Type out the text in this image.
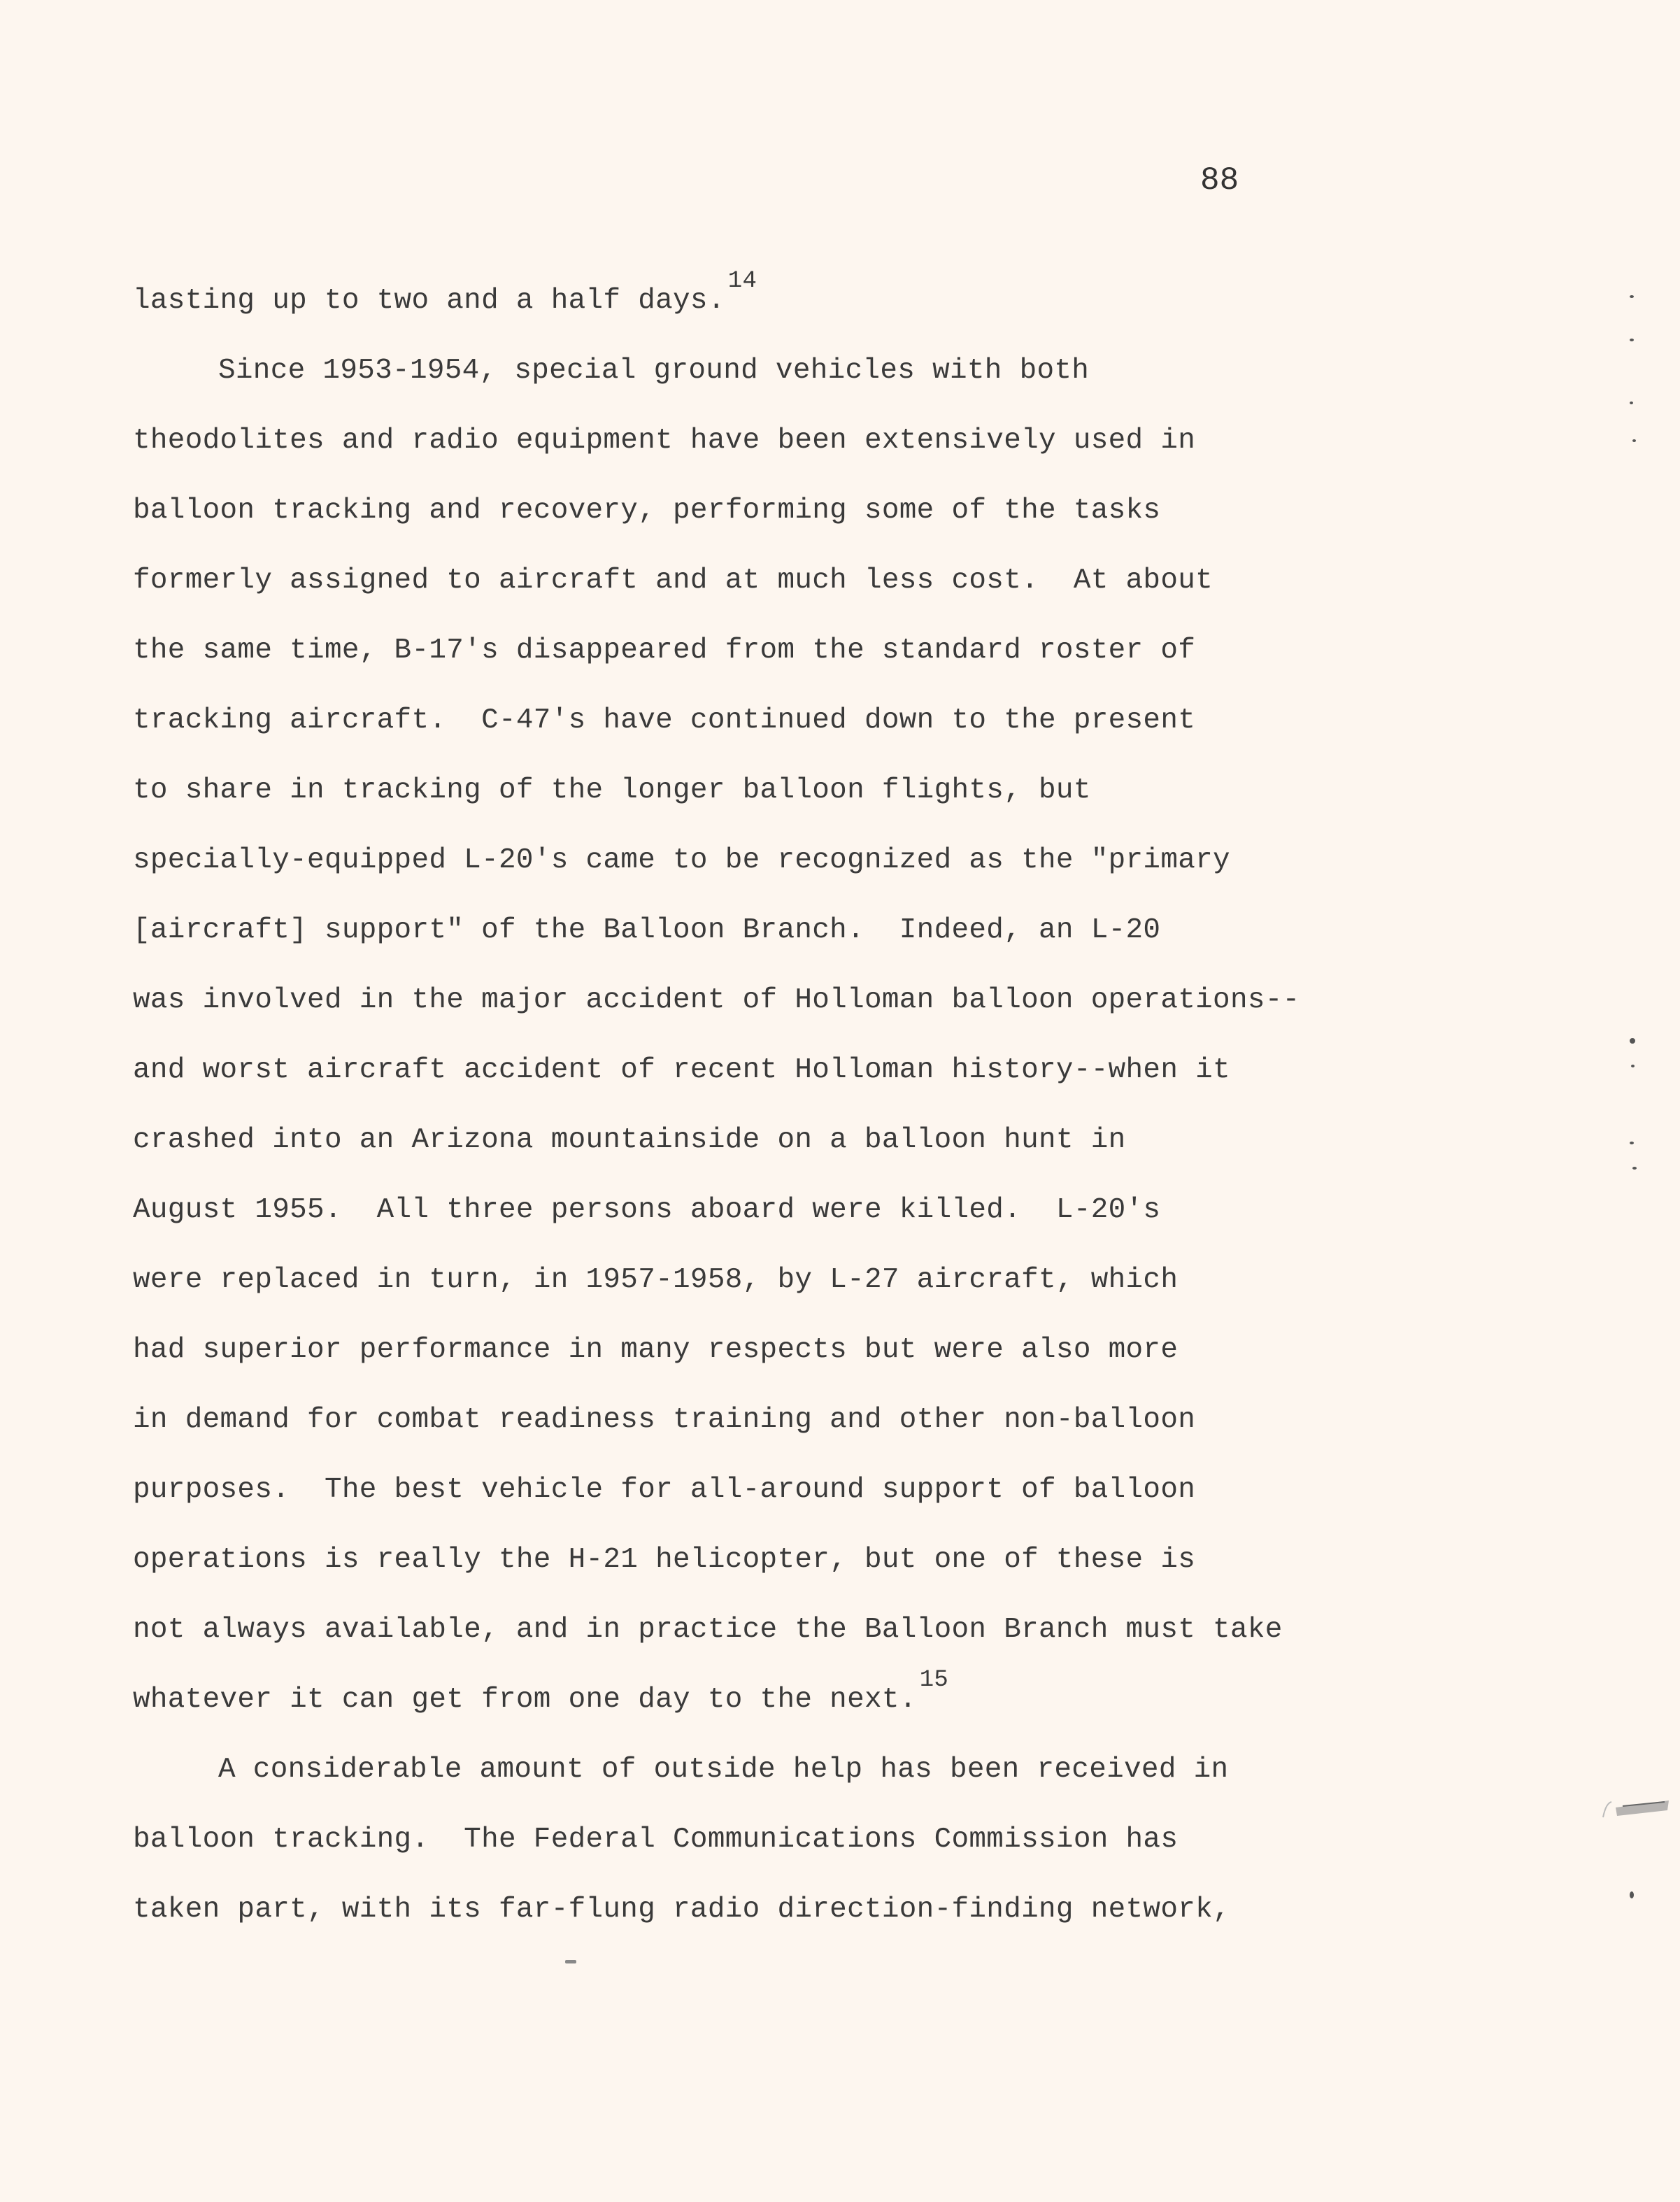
88
lasting up to two and a half days.$^{14}$
Since 1953-1954, special ground vehicles with both
theodolites and radio equipment have been extensively used in
balloon tracking and recovery, performing some of the tasks
formerly assigned to aircraft and at much less cost.  At about
the same time, B-17's disappeared from the standard roster of
tracking aircraft.  C-47's have continued down to the present
to share in tracking of the longer balloon flights, but
specially-equipped L-20's came to be recognized as the "primary
[aircraft] support" of the Balloon Branch.  Indeed, an L-20
was involved in the major accident of Holloman balloon operations--
and worst aircraft accident of recent Holloman history--when it
crashed into an Arizona mountainside on a balloon hunt in
August 1955.  All three persons aboard were killed.  L-20's
were replaced in turn, in 1957-1958, by L-27 aircraft, which
had superior performance in many respects but were also more
in demand for combat readiness training and other non-balloon
purposes.  The best vehicle for all-around support of balloon
operations is really the H-21 helicopter, but one of these is
not always available, and in practice the Balloon Branch must take
whatever it can get from one day to the next.$^{15}$
A considerable amount of outside help has been received in
balloon tracking.  The Federal Communications Commission has
taken part, with its far-flung radio direction-finding network,
